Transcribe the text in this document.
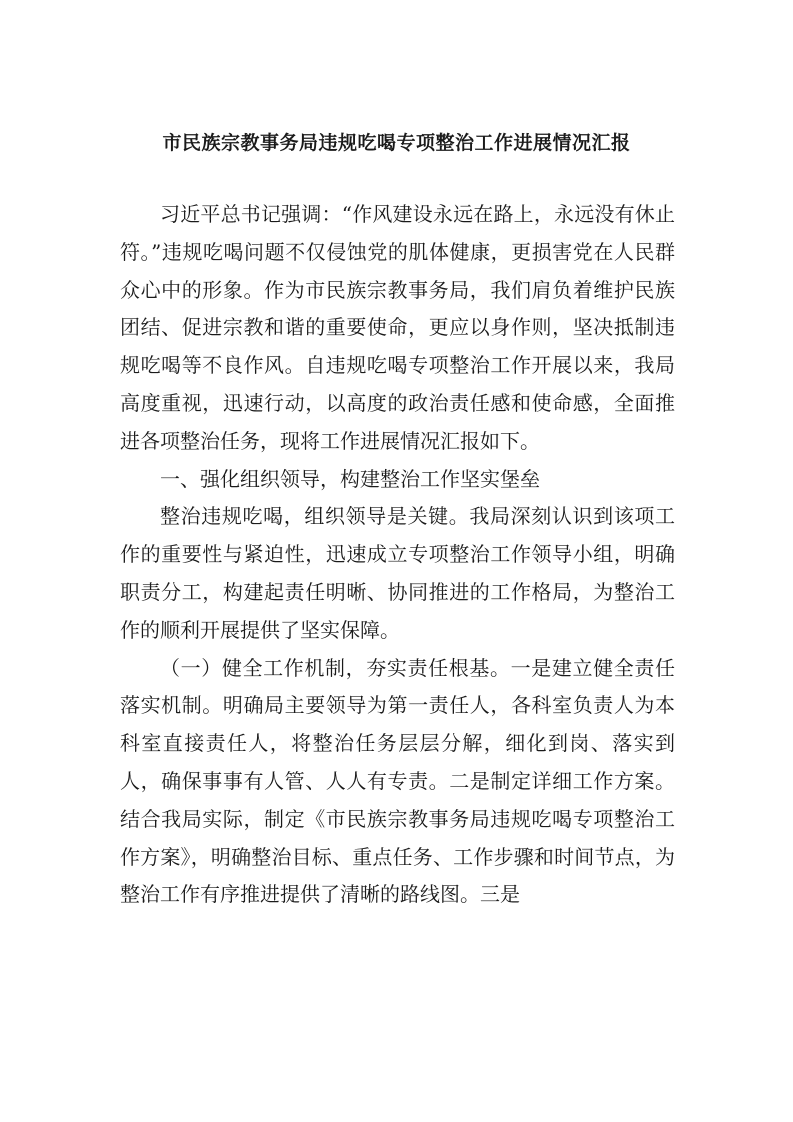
市民族宗教事务局违规吃喝专项整治工作进展情况汇报

习近平总书记强调：“作风建设永远在路上，永远没有休止符。”违规吃喝问题不仅侵蚀党的肌体健康，更损害党在人民群众心中的形象。作为市民族宗教事务局，我们肩负着维护民族团结、促进宗教和谐的重要使命，更应以身作则，坚决抵制违规吃喝等不良作风。自违规吃喝专项整治工作开展以来，我局高度重视，迅速行动，以高度的政治责任感和使命感，全面推进各项整治任务，现将工作进展情况汇报如下。

一、强化组织领导，构建整治工作坚实堡垒

整治违规吃喝，组织领导是关键。我局深刻认识到该项工作的重要性与紧迫性，迅速成立专项整治工作领导小组，明确职责分工，构建起责任明晰、协同推进的工作格局，为整治工作的顺利开展提供了坚实保障。

（一）健全工作机制，夯实责任根基。一是建立健全责任落实机制。明确局主要领导为第一责任人，各科室负责人为本科室直接责任人，将整治任务层层分解，细化到岗、落实到人，确保事事有人管、人人有专责。二是制定详细工作方案。结合我局实际，制定《市民族宗教事务局违规吃喝专项整治工作方案》，明确整治目标、重点任务、工作步骤和时间节点，为整治工作有序推进提供了清晰的路线图。三是
